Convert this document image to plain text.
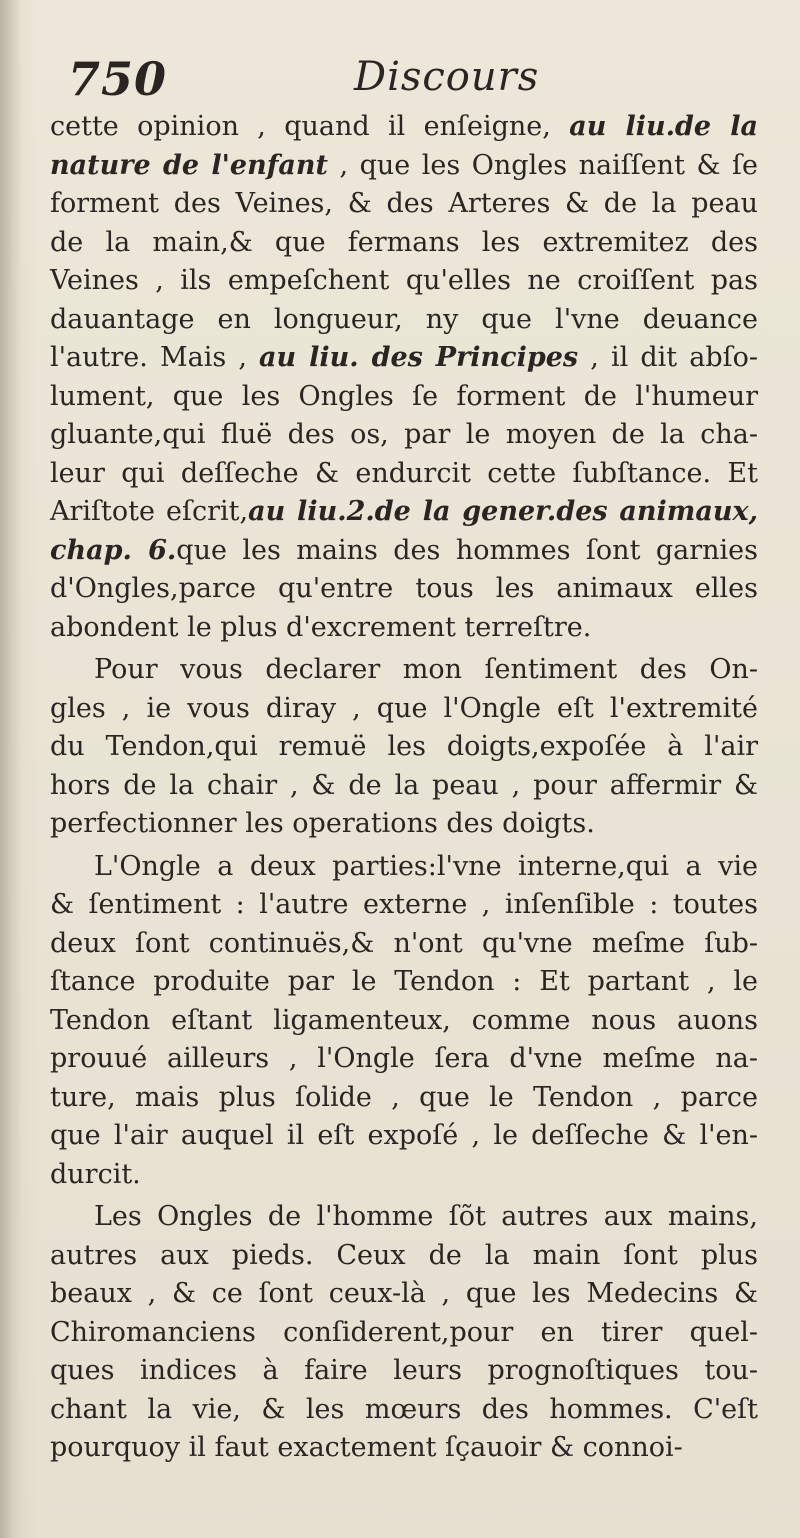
750	Discours
cette opinion , quand il enſeigne, au liu.de la
nature de l'enfant , que les Ongles naiſſent & ſe
forment des Veines, & des Arteres & de la peau
de la main,& que fermans les extremitez des
Veines , ils empeſchent qu'elles ne croiſſent pas
dauantage en longueur, ny que l'vne deuance
l'autre. Mais , au liu. des Principes , il dit abſo-
lument, que les Ongles ſe forment de l'humeur
gluante,qui fluë des os, par le moyen de la cha-
leur qui deſſeche & endurcit cette ſubſtance. Et
Ariſtote eſcrit,au liu.2.de la gener.des animaux,
chap. 6.que les mains des hommes ſont garnies
d'Ongles,parce qu'entre tous les animaux elles
abondent le plus d'excrement terreſtre.
Pour vous declarer mon ſentiment des On-
gles , ie vous diray , que l'Ongle eſt l'extremité
du Tendon,qui remuë les doigts,expoſée à l'air
hors de la chair , & de la peau , pour affermir &
perfectionner les operations des doigts.
L'Ongle a deux parties:l'vne interne,qui a vie
& ſentiment : l'autre externe , inſenſible : toutes
deux ſont continuës,& n'ont qu'vne meſme ſub-
ſtance produite par le Tendon : Et partant , le
Tendon eſtant ligamenteux, comme nous auons
prouué ailleurs , l'Ongle ſera d'vne meſme na-
ture, mais plus ſolide , que le Tendon , parce
que l'air auquel il eſt expoſé , le deſſeche & l'en-
durcit.
Les Ongles de l'homme ſõt autres aux mains,
autres aux pieds. Ceux de la main ſont plus
beaux , & ce ſont ceux-là , que les Medecins &
Chiromanciens conſiderent,pour en tirer quel-
ques indices à faire leurs prognoſtiques tou-
chant la vie, & les mœurs des hommes. C'eſt
pourquoy il faut exactement ſçauoir & connoi-
